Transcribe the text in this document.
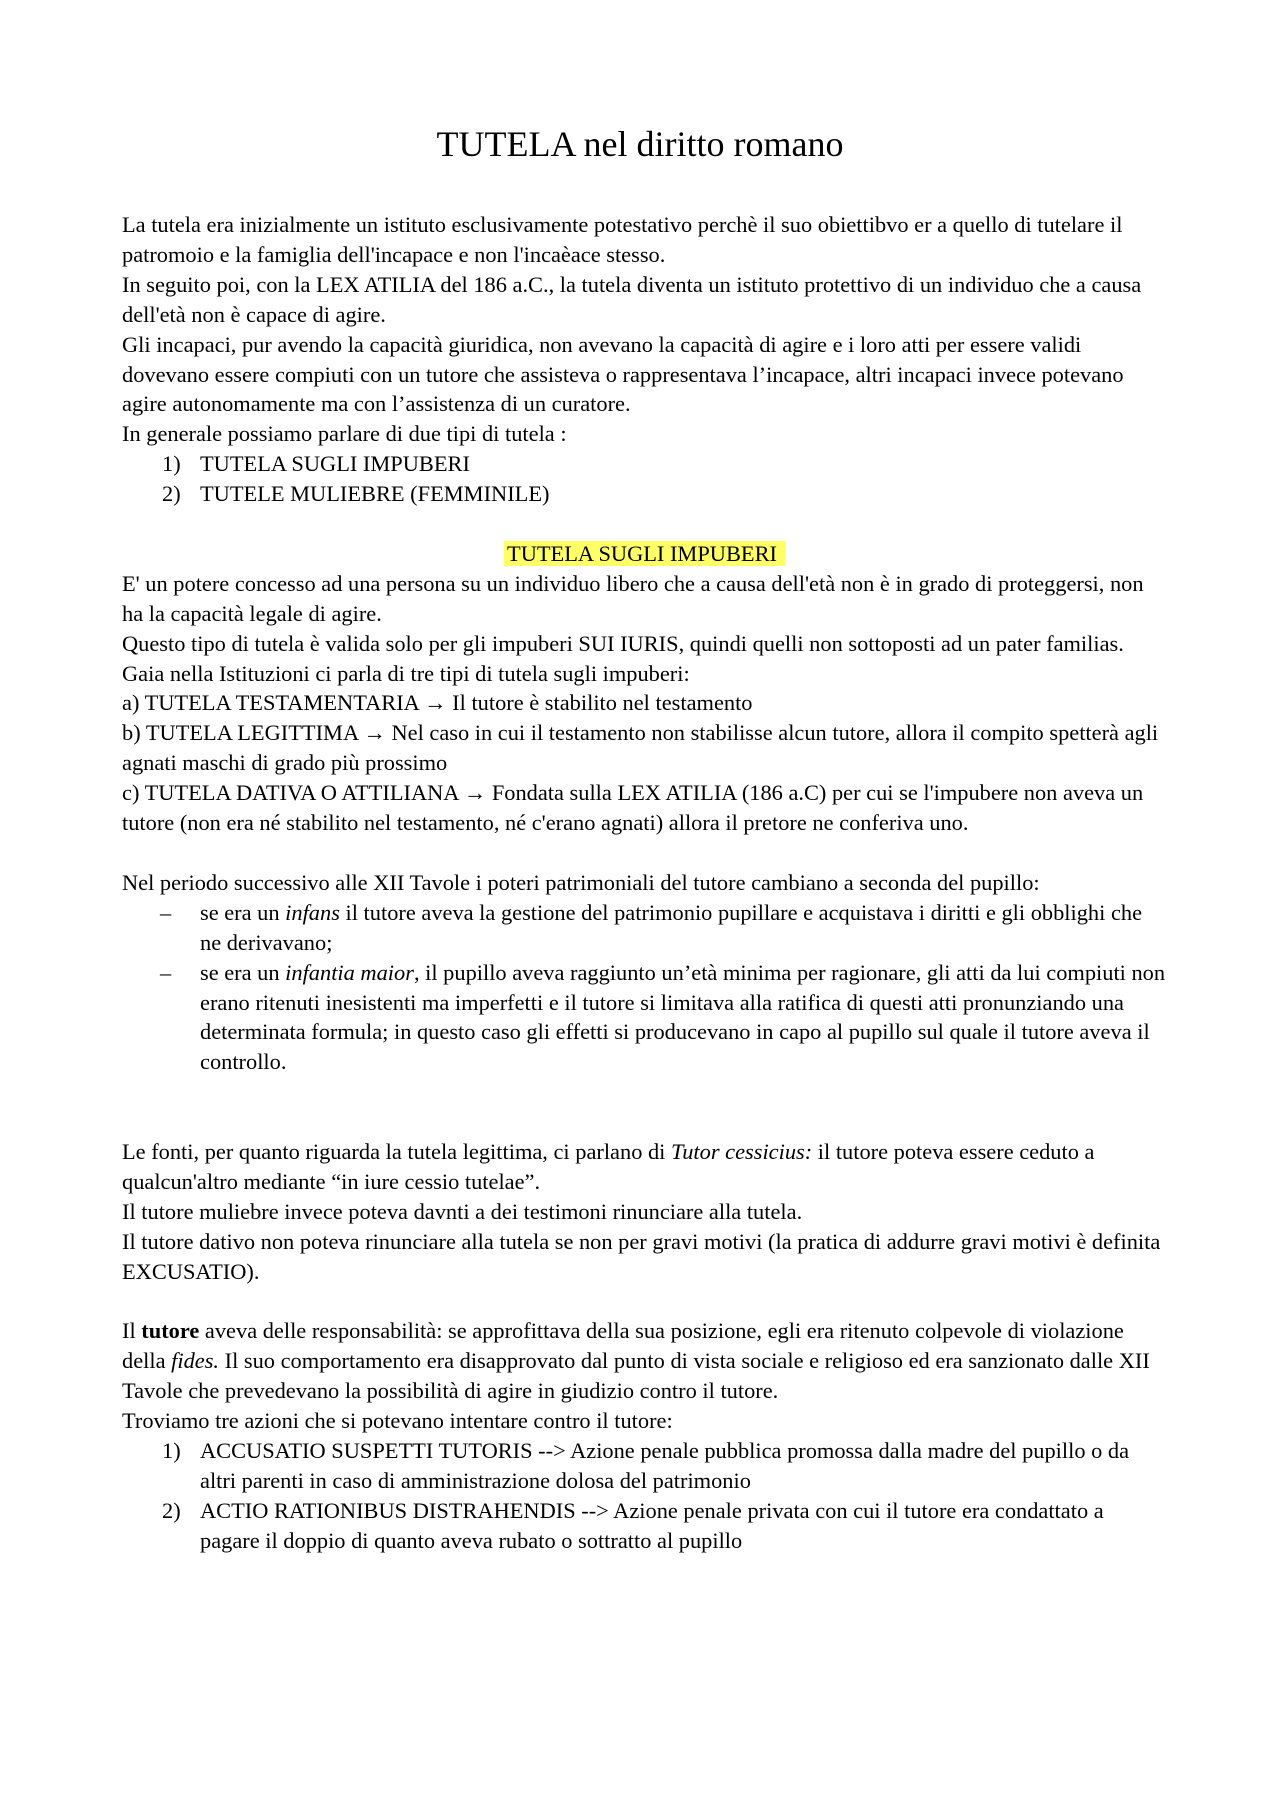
TUTELA nel diritto romano

La tutela era inizialmente un istituto esclusivamente potestativo perchè il suo obiettibvo er a quello di tutelare il patromoio e la famiglia dell'incapace e non l'incaèace stesso.

In seguito poi, con la LEX ATILIA del 186 a.C., la tutela diventa un istituto protettivo di un individuo che a causa dell'età non è capace di agire.

Gli incapaci, pur avendo la capacità giuridica, non avevano la capacità di agire e i loro atti per essere validi dovevano essere compiuti con un tutore che assisteva o rappresentava l’incapace, altri incapaci invece potevano agire autonomamente ma con l’assistenza di un curatore.

In generale possiamo parlare di due tipi di tutela :

1) TUTELA SUGLI IMPUBERI
2) TUTELE MULIEBRE (FEMMINILE)

TUTELA SUGLI IMPUBERI

E' un potere concesso ad una persona su un individuo libero che a causa dell'età non è in grado di proteggersi, non ha la capacità legale di agire.

Questo tipo di tutela è valida solo per gli impuberi SUI IURIS, quindi quelli non sottoposti ad un pater familias.

Gaia nella Istituzioni ci parla di tre tipi di tutela sugli impuberi:

a) TUTELA TESTAMENTARIA → Il tutore è stabilito nel testamento

b) TUTELA LEGITTIMA → Nel caso in cui il testamento non stabilisse alcun tutore, allora il compito spetterà agli agnati maschi di grado più prossimo

c) TUTELA DATIVA O ATTILIANA → Fondata sulla LEX ATILIA (186 a.C) per cui se l'impubere non aveva un tutore (non era né stabilito nel testamento, né c'erano agnati) allora il pretore ne conferiva uno.

Nel periodo successivo alle XII Tavole i poteri patrimoniali del tutore cambiano a seconda del pupillo:

– se era un infans il tutore aveva la gestione del patrimonio pupillare e acquistava i diritti e gli obblighi che ne derivavano;
– se era un infantia maior, il pupillo aveva raggiunto un’età minima per ragionare, gli atti da lui compiuti non erano ritenuti inesistenti ma imperfetti e il tutore si limitava alla ratifica di questi atti pronunziando una determinata formula; in questo caso gli effetti si producevano in capo al pupillo sul quale il tutore aveva il controllo.

Le fonti, per quanto riguarda la tutela legittima, ci parlano di Tutor cessicius: il tutore poteva essere ceduto a qualcun'altro mediante “in iure cessio tutelae”.

Il tutore muliebre invece poteva davnti a dei testimoni rinunciare alla tutela.

Il tutore dativo non poteva rinunciare alla tutela se non per gravi motivi (la pratica di addurre gravi motivi è definita EXCUSATIO).

Il tutore aveva delle responsabilità: se approfittava della sua posizione, egli era ritenuto colpevole di violazione della fides. Il suo comportamento era disapprovato dal punto di vista sociale e religioso ed era sanzionato dalle XII Tavole che prevedevano la possibilità di agire in giudizio contro il tutore.

Troviamo tre azioni che si potevano intentare contro il tutore:

1) ACCUSATIO SUSPETTI TUTORIS --> Azione penale pubblica promossa dalla madre del pupillo o da altri parenti in caso di amministrazione dolosa del patrimonio
2) ACTIO RATIONIBUS DISTRAHENDIS --> Azione penale privata con cui il tutore era condattato a pagare il doppio di quanto aveva rubato o sottratto al pupillo
